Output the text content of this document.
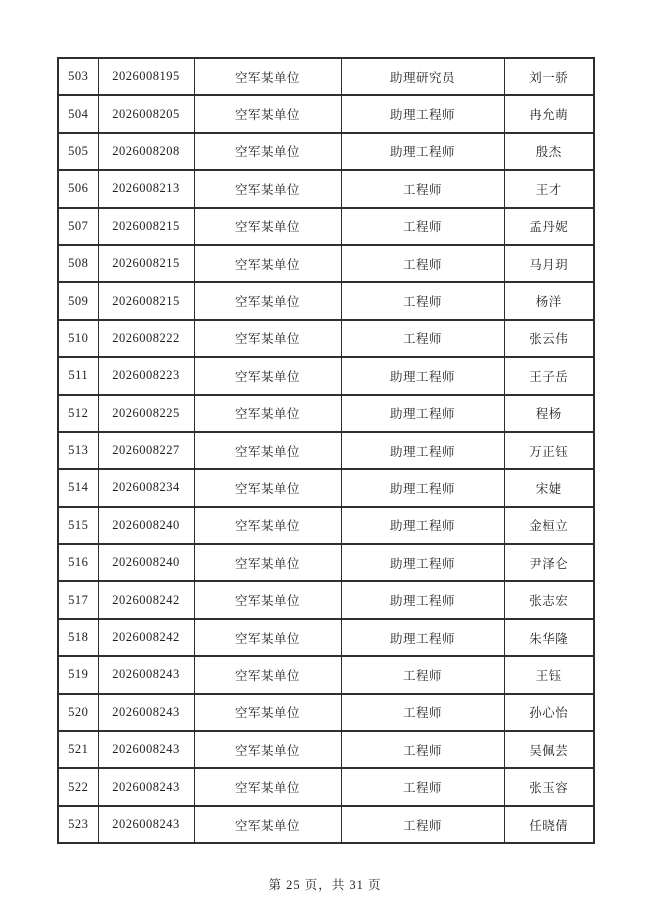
503	2026008195	空军某单位	助理研究员	刘一骄
504	2026008205	空军某单位	助理工程师	冉允萌
505	2026008208	空军某单位	助理工程师	殷杰
506	2026008213	空军某单位	工程师	王才
507	2026008215	空军某单位	工程师	孟丹妮
508	2026008215	空军某单位	工程师	马月玥
509	2026008215	空军某单位	工程师	杨洋
510	2026008222	空军某单位	工程师	张云伟
511	2026008223	空军某单位	助理工程师	王子岳
512	2026008225	空军某单位	助理工程师	程杨
513	2026008227	空军某单位	助理工程师	万正钰
514	2026008234	空军某单位	助理工程师	宋婕
515	2026008240	空军某单位	助理工程师	金桓立
516	2026008240	空军某单位	助理工程师	尹泽仑
517	2026008242	空军某单位	助理工程师	张志宏
518	2026008242	空军某单位	助理工程师	朱华隆
519	2026008243	空军某单位	工程师	王钰
520	2026008243	空军某单位	工程师	孙心怡
521	2026008243	空军某单位	工程师	吴佩芸
522	2026008243	空军某单位	工程师	张玉容
523	2026008243	空军某单位	工程师	任晓倩
第 25 页，共 31 页
